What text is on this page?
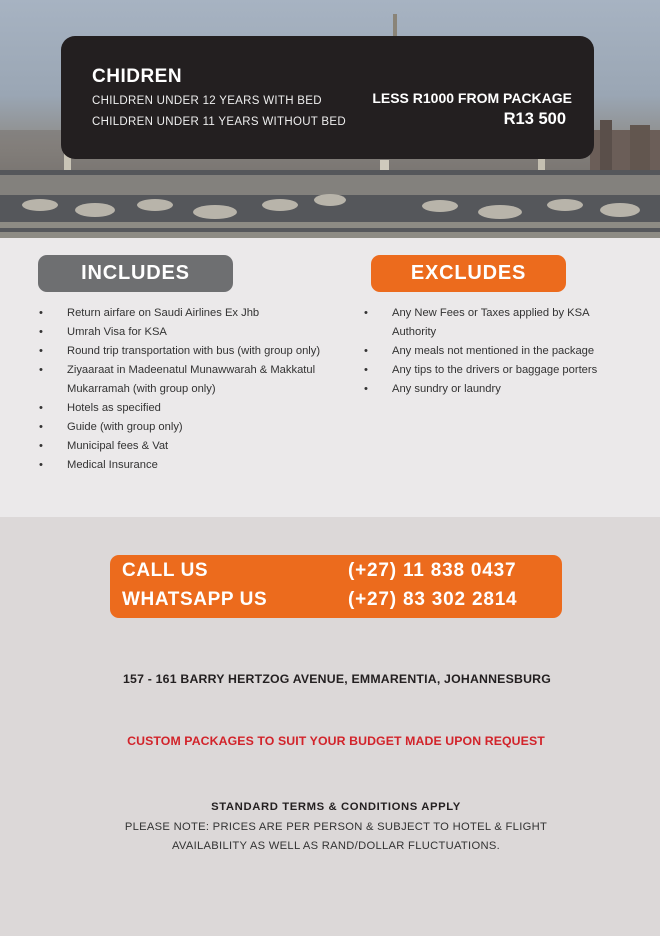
CHIDREN
CHILDREN UNDER 12 YEARS WITH BED
CHILDREN UNDER 11 YEARS WITHOUT BED
LESS R1000 FROM PACKAGE
R13 500
INCLUDES	EXCLUDES
• Return airfare on Saudi Airlines Ex Jhb
• Umrah Visa for KSA
• Round trip transportation with bus (with group only)
• Ziyaaraat in Madeenatul Munawwarah & Makkatul Mukarramah (with group only)
• Hotels as specified
• Guide (with group only)
• Municipal fees & Vat
• Medical Insurance
• Any New Fees or Taxes applied by KSA Authority
• Any meals not mentioned in the package
• Any tips to the drivers or baggage porters
• Any sundry or laundry
CALL US	(+27) 11 838 0437
WHATSAPP US	(+27) 83 302 2814
157 - 161 BARRY HERTZOG AVENUE, EMMARENTIA, JOHANNESBURG
CUSTOM PACKAGES TO SUIT YOUR BUDGET MADE UPON REQUEST
STANDARD TERMS & CONDITIONS APPLY
PLEASE NOTE: PRICES ARE PER PERSON & SUBJECT TO HOTEL & FLIGHT
AVAILABILITY AS WELL AS RAND/DOLLAR FLUCTUATIONS.
